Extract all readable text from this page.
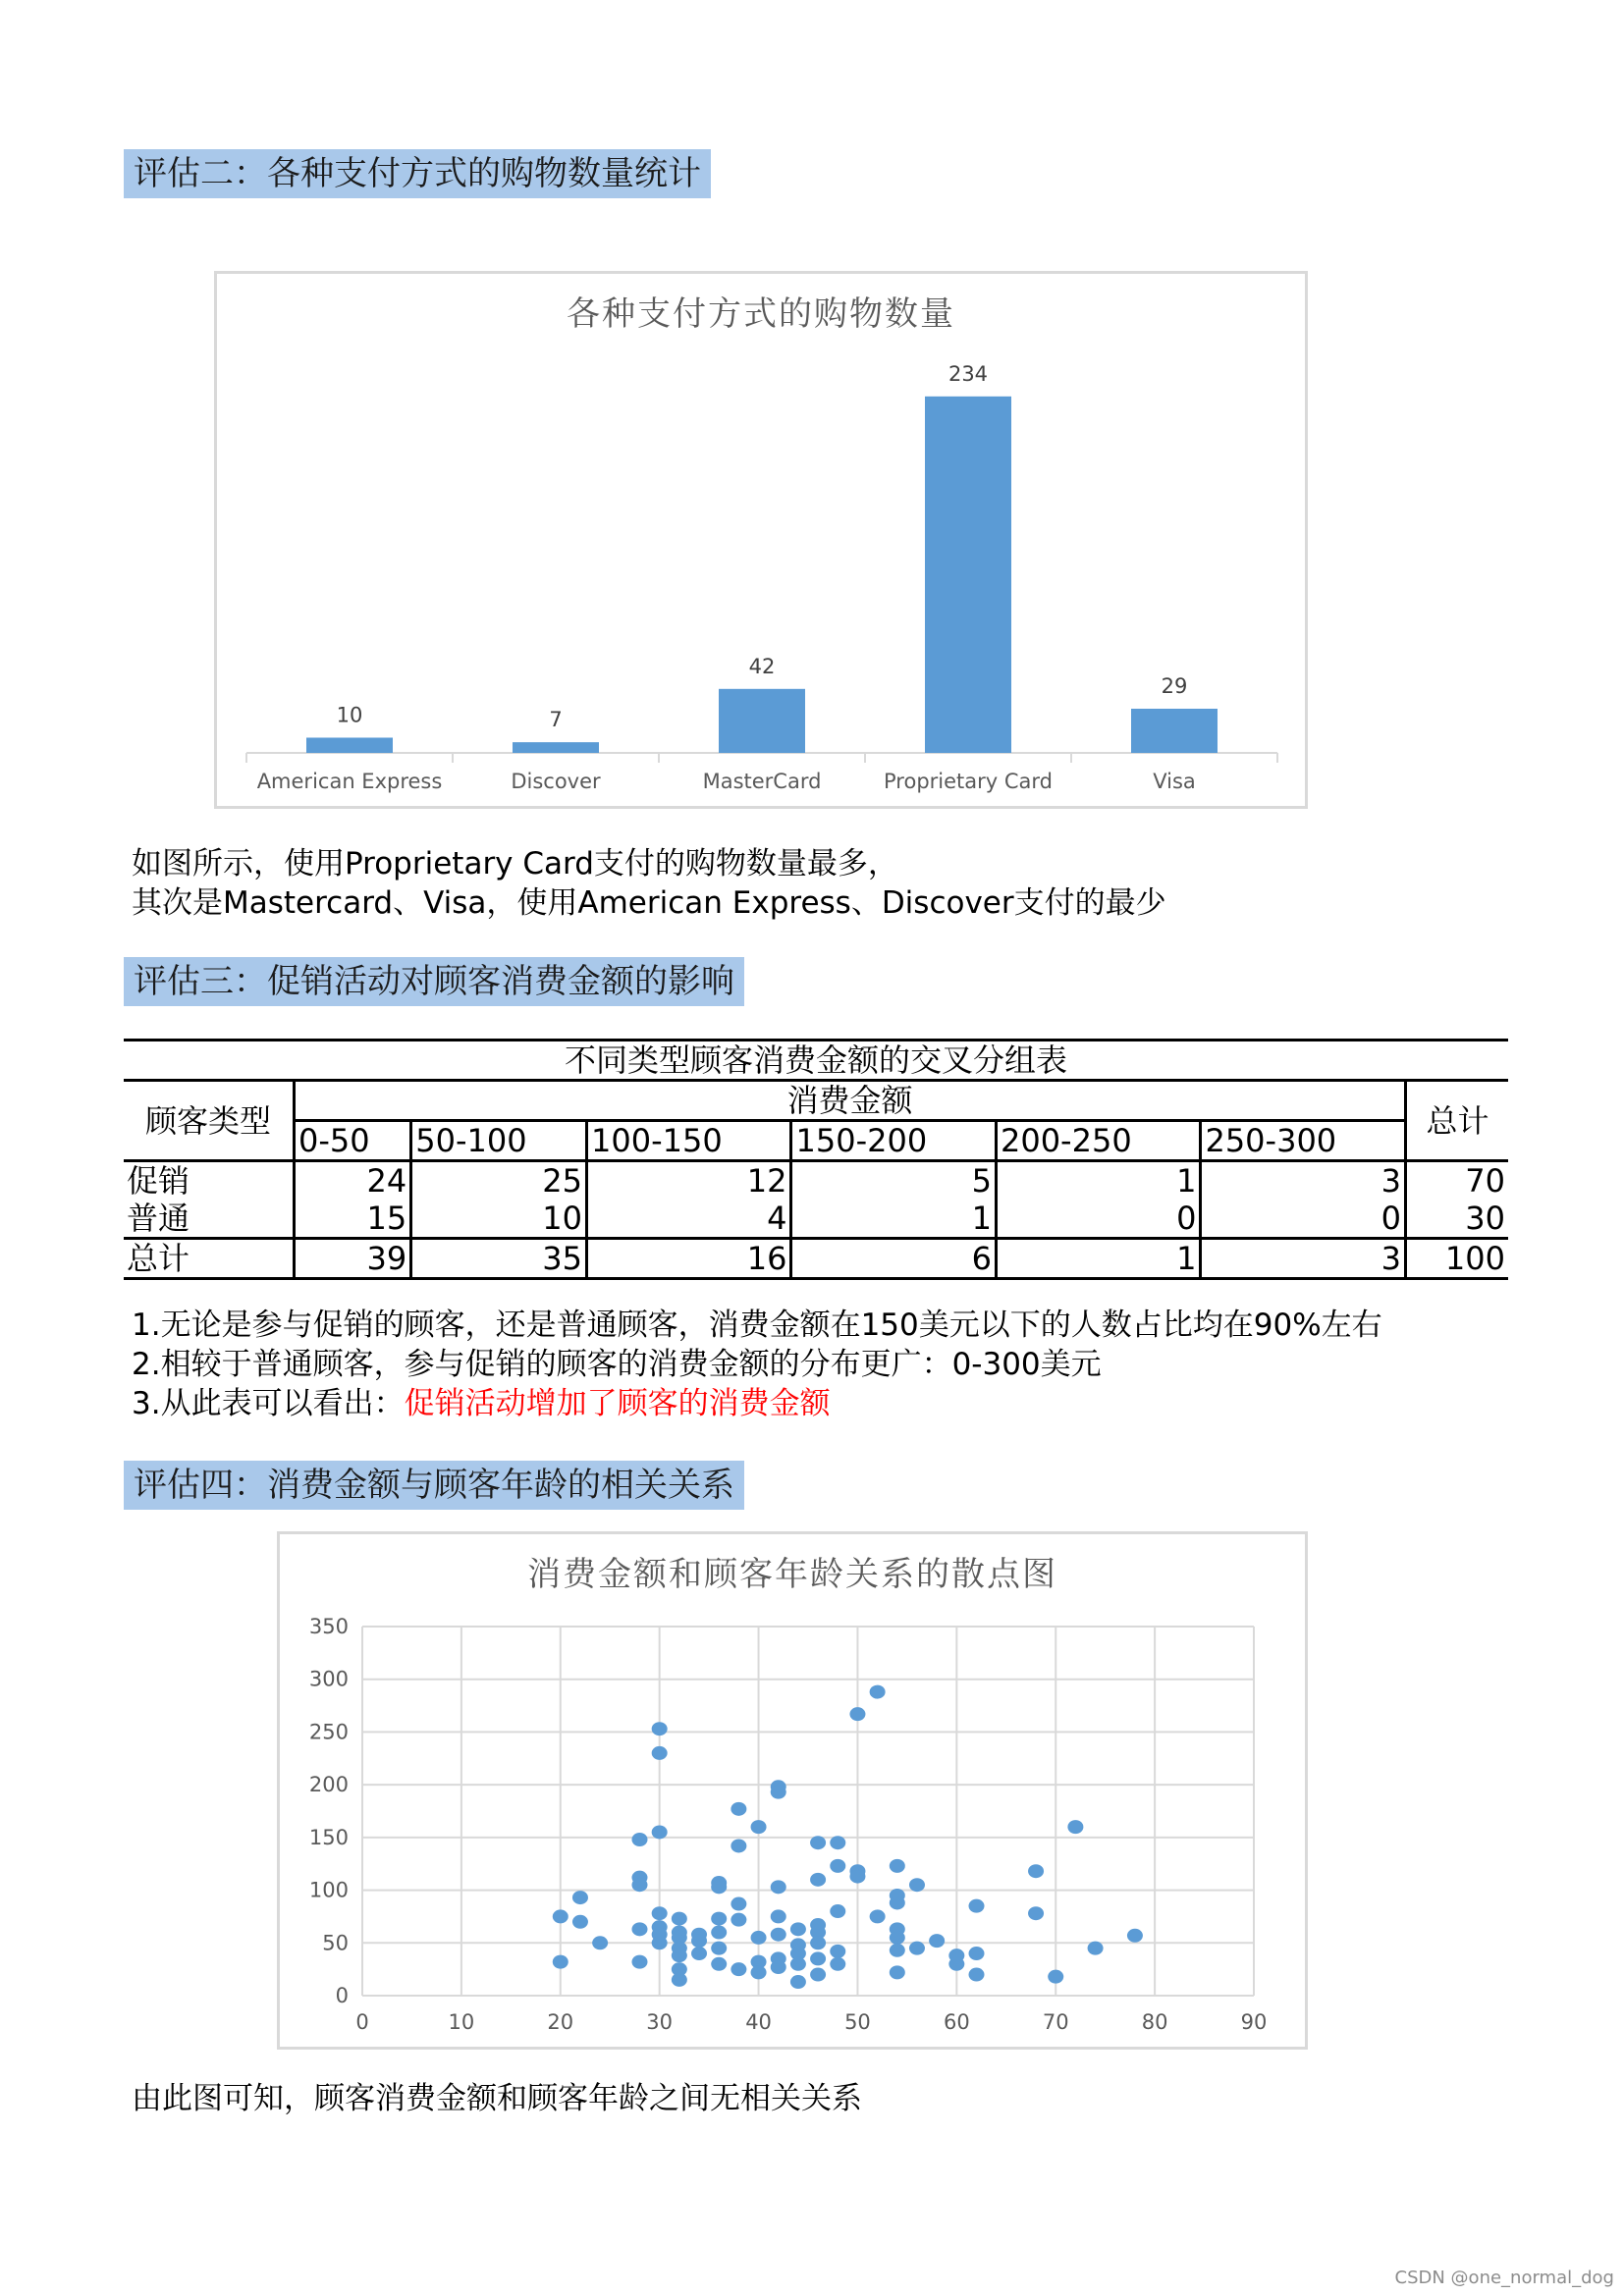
评估二：各种支付方式的购物数量统计
各种支付方式的购物数量
10
American Express
7
Discover
42
MasterCard
234
Proprietary Card
29
Visa

如图所示，使用Proprietary Card支付的购物数量最多，

其次是Mastercard、Visa，使用American Express、Discover支付的最少

评估三：促销活动对顾客消费金额的影响
不同类型顾客消费金额的交叉分组表							
顾客类型	消费金额						总计
	0-50	50-100	100-150	150-200	200-250	250-300	
促销	24	25	12	5	1	3	70
普通	15	10	4	1	0	0	30
总计	39	35	16	6	1	3	100

1.无论是参与促销的顾客，还是普通顾客，消费金额在150美元以下的人数占比均在90%左右

2.相较于普通顾客，参与促销的顾客的消费金额的分布更广：0-300美元

3.从此表可以看出：促销活动增加了顾客的消费金额

评估四：消费金额与顾客年龄的相关关系
消费金额和顾客年龄关系的散点图
0
50
100
150
200
250
300
350
0	10	20	30	40	50	60	70	80	90

由此图可知，顾客消费金额和顾客年龄之间无相关关系

CSDN @one_normal_dog
